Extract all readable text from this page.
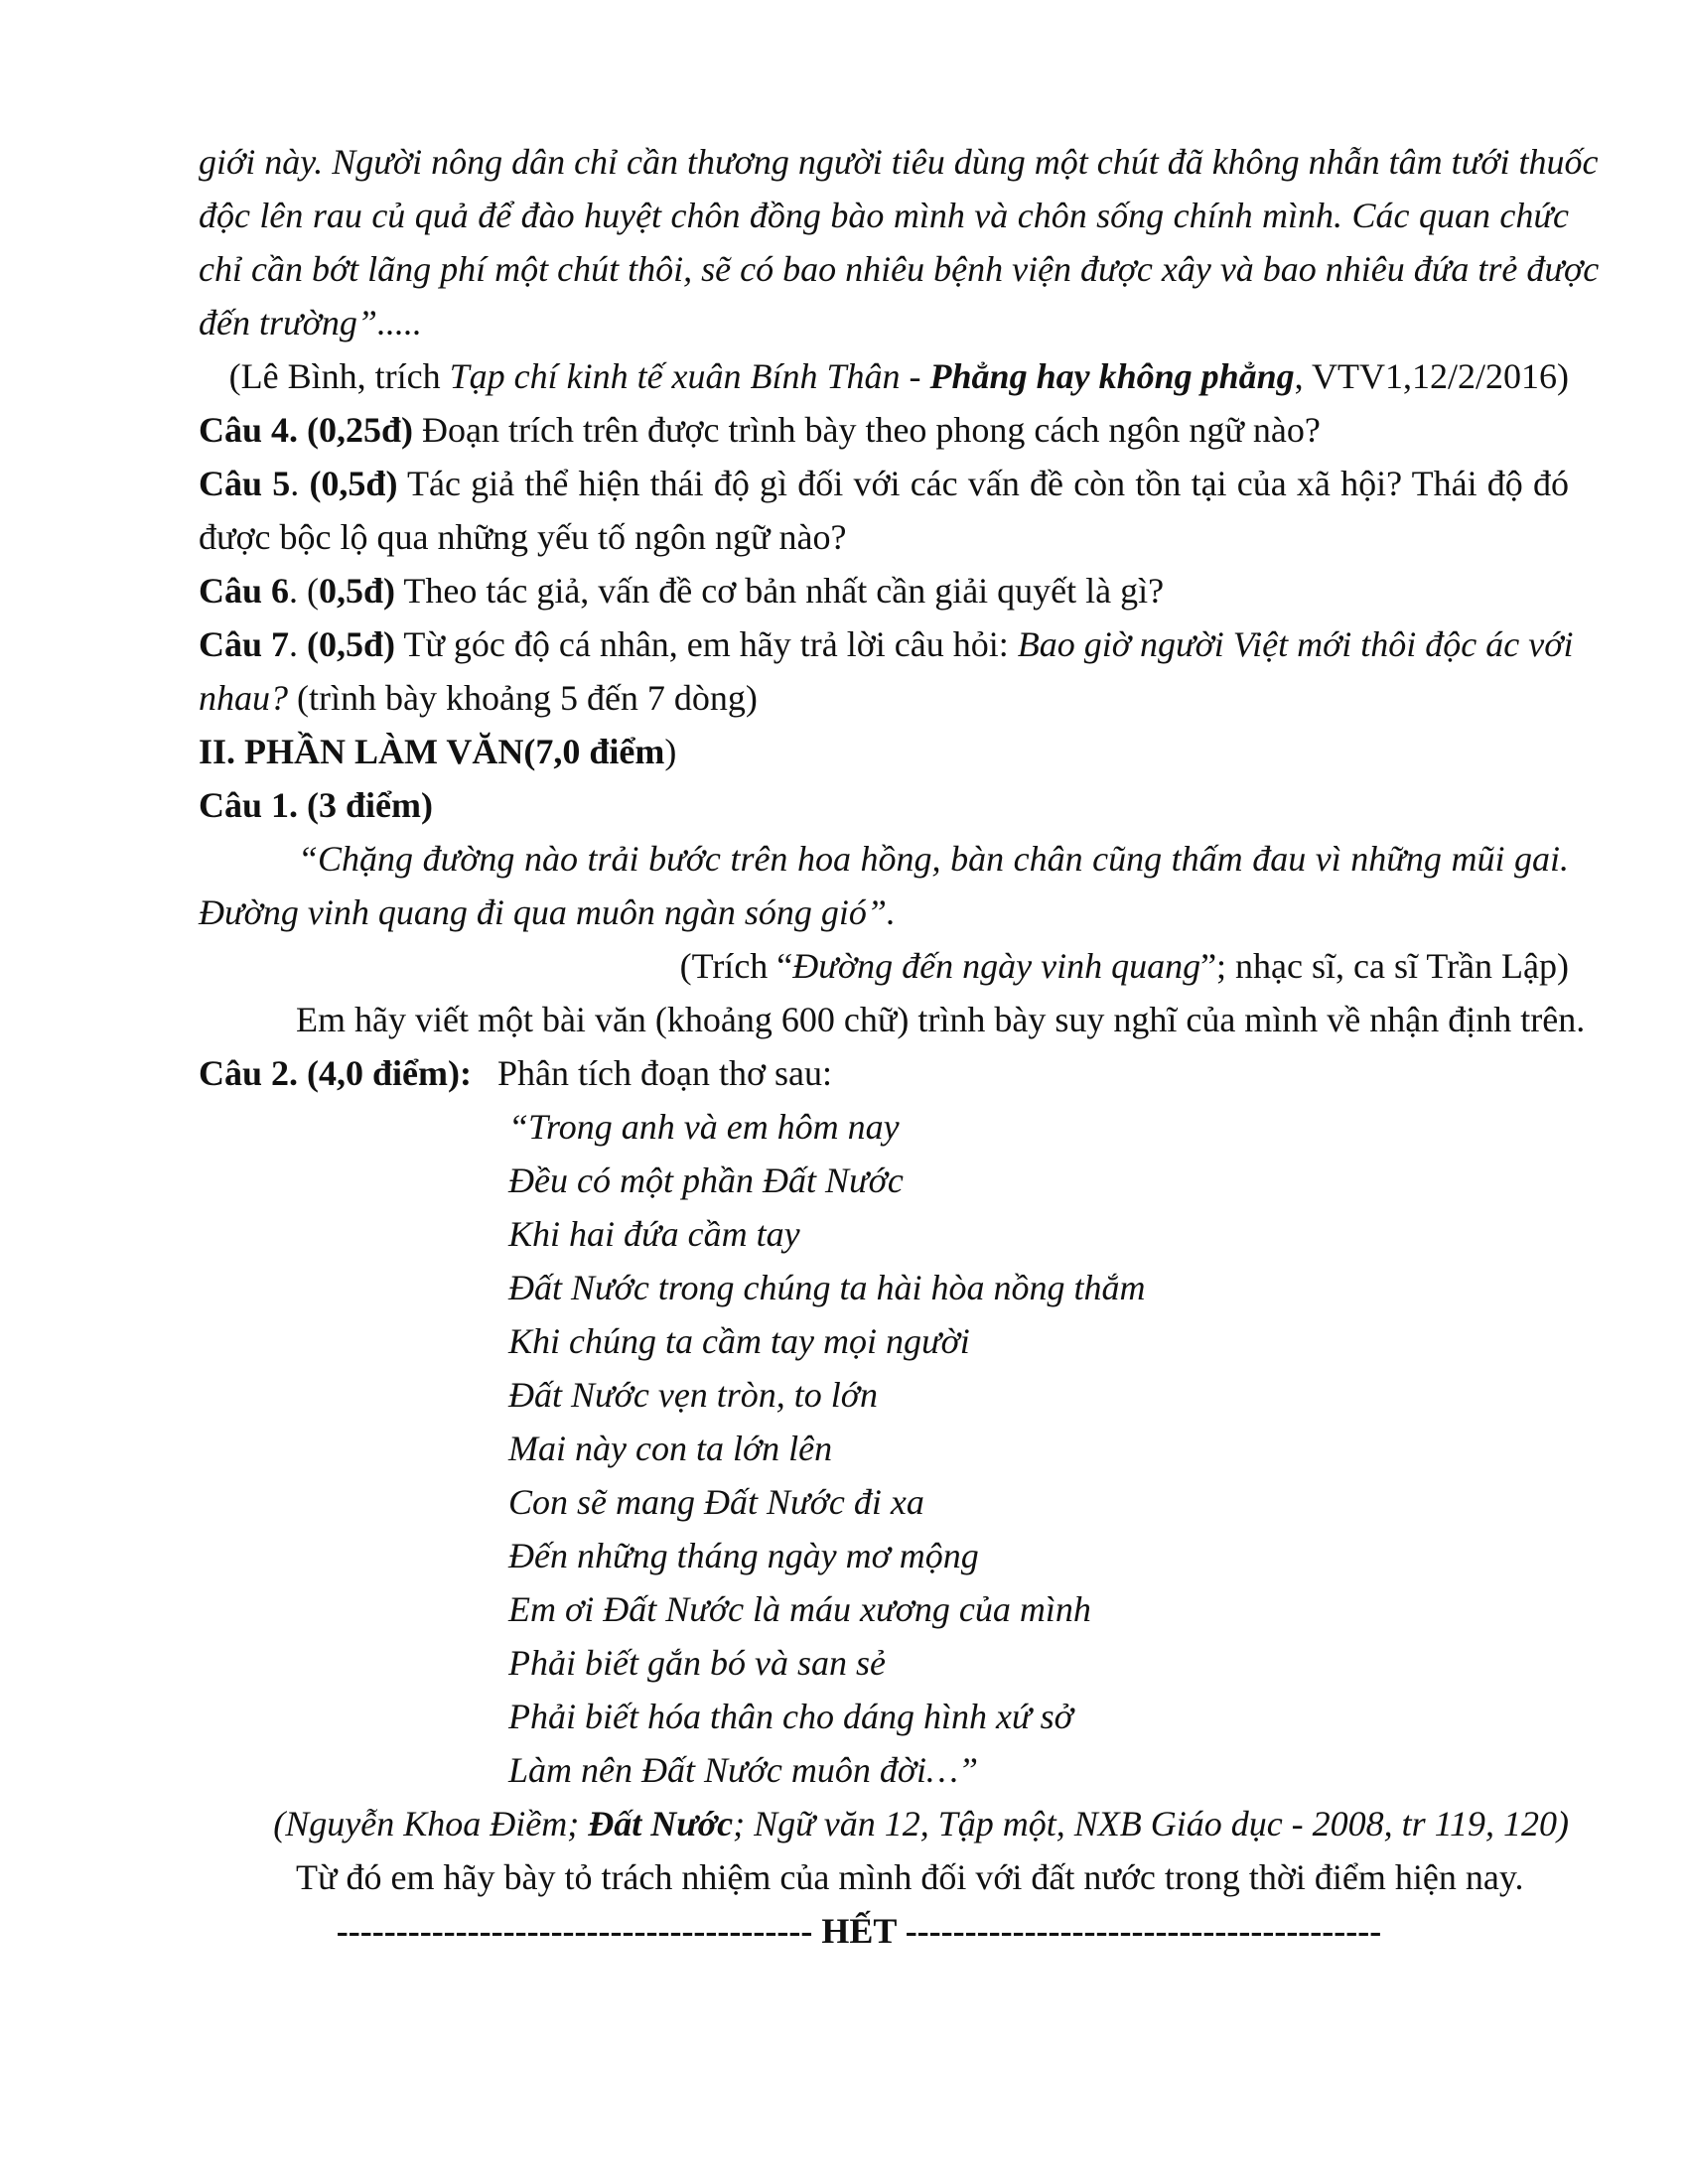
giới này. Người nông dân chỉ cần thương người tiêu dùng một chút đã không nhẫn tâm tưới thuốc
độc lên rau củ quả để đào huyệt chôn đồng bào mình và chôn sống chính mình. Các quan chức
chỉ cần bớt lãng phí một chút thôi, sẽ có bao nhiêu bệnh viện được xây và bao nhiêu đứa trẻ được
đến trường”.....
(Lê Bình, trích Tạp chí kinh tế xuân Bính Thân - Phẳng hay không phẳng, VTV1,12/2/2016)
Câu 4. (0,25đ) Đoạn trích trên được trình bày theo phong cách ngôn ngữ nào?
Câu 5. (0,5đ) Tác giả thể hiện thái độ gì đối với các vấn đề còn tồn tại của xã hội? Thái độ đó
được bộc lộ qua những yếu tố ngôn ngữ nào?
Câu 6. (0,5đ) Theo tác giả, vấn đề cơ bản nhất cần giải quyết là gì?
Câu 7. (0,5đ) Từ góc độ cá nhân, em hãy trả lời câu hỏi: Bao giờ người Việt mới thôi độc ác với
nhau? (trình bày khoảng 5 đến 7 dòng)
II. PHẦN LÀM VĂN(7,0 điểm)
Câu 1. (3 điểm)
“Chặng đường nào trải bước trên hoa hồng, bàn chân cũng thấm đau vì những mũi gai.
Đường vinh quang đi qua muôn ngàn sóng gió”.
(Trích “Đường đến ngày vinh quang”; nhạc sĩ, ca sĩ Trần Lập)
Em hãy viết một bài văn (khoảng 600 chữ) trình bày suy nghĩ của mình về nhận định trên.
Câu 2. (4,0 điểm): Phân tích đoạn thơ sau:
“Trong anh và em hôm nay
Đều có một phần Đất Nước
Khi hai đứa cầm tay
Đất Nước trong chúng ta hài hòa nồng thắm
Khi chúng ta cầm tay mọi người
Đất Nước vẹn tròn, to lớn
Mai này con ta lớn lên
Con sẽ mang Đất Nước đi xa
Đến những tháng ngày mơ mộng
Em ơi Đất Nước là máu xương của mình
Phải biết gắn bó và san sẻ
Phải biết hóa thân cho dáng hình xứ sở
Làm nên Đất Nước muôn đời…”
(Nguyễn Khoa Điềm; Đất Nước; Ngữ văn 12, Tập một, NXB Giáo dục - 2008, tr 119, 120)
Từ đó em hãy bày tỏ trách nhiệm của mình đối với đất nước trong thời điểm hiện nay.
---------------------------------------- HẾT ----------------------------------------
